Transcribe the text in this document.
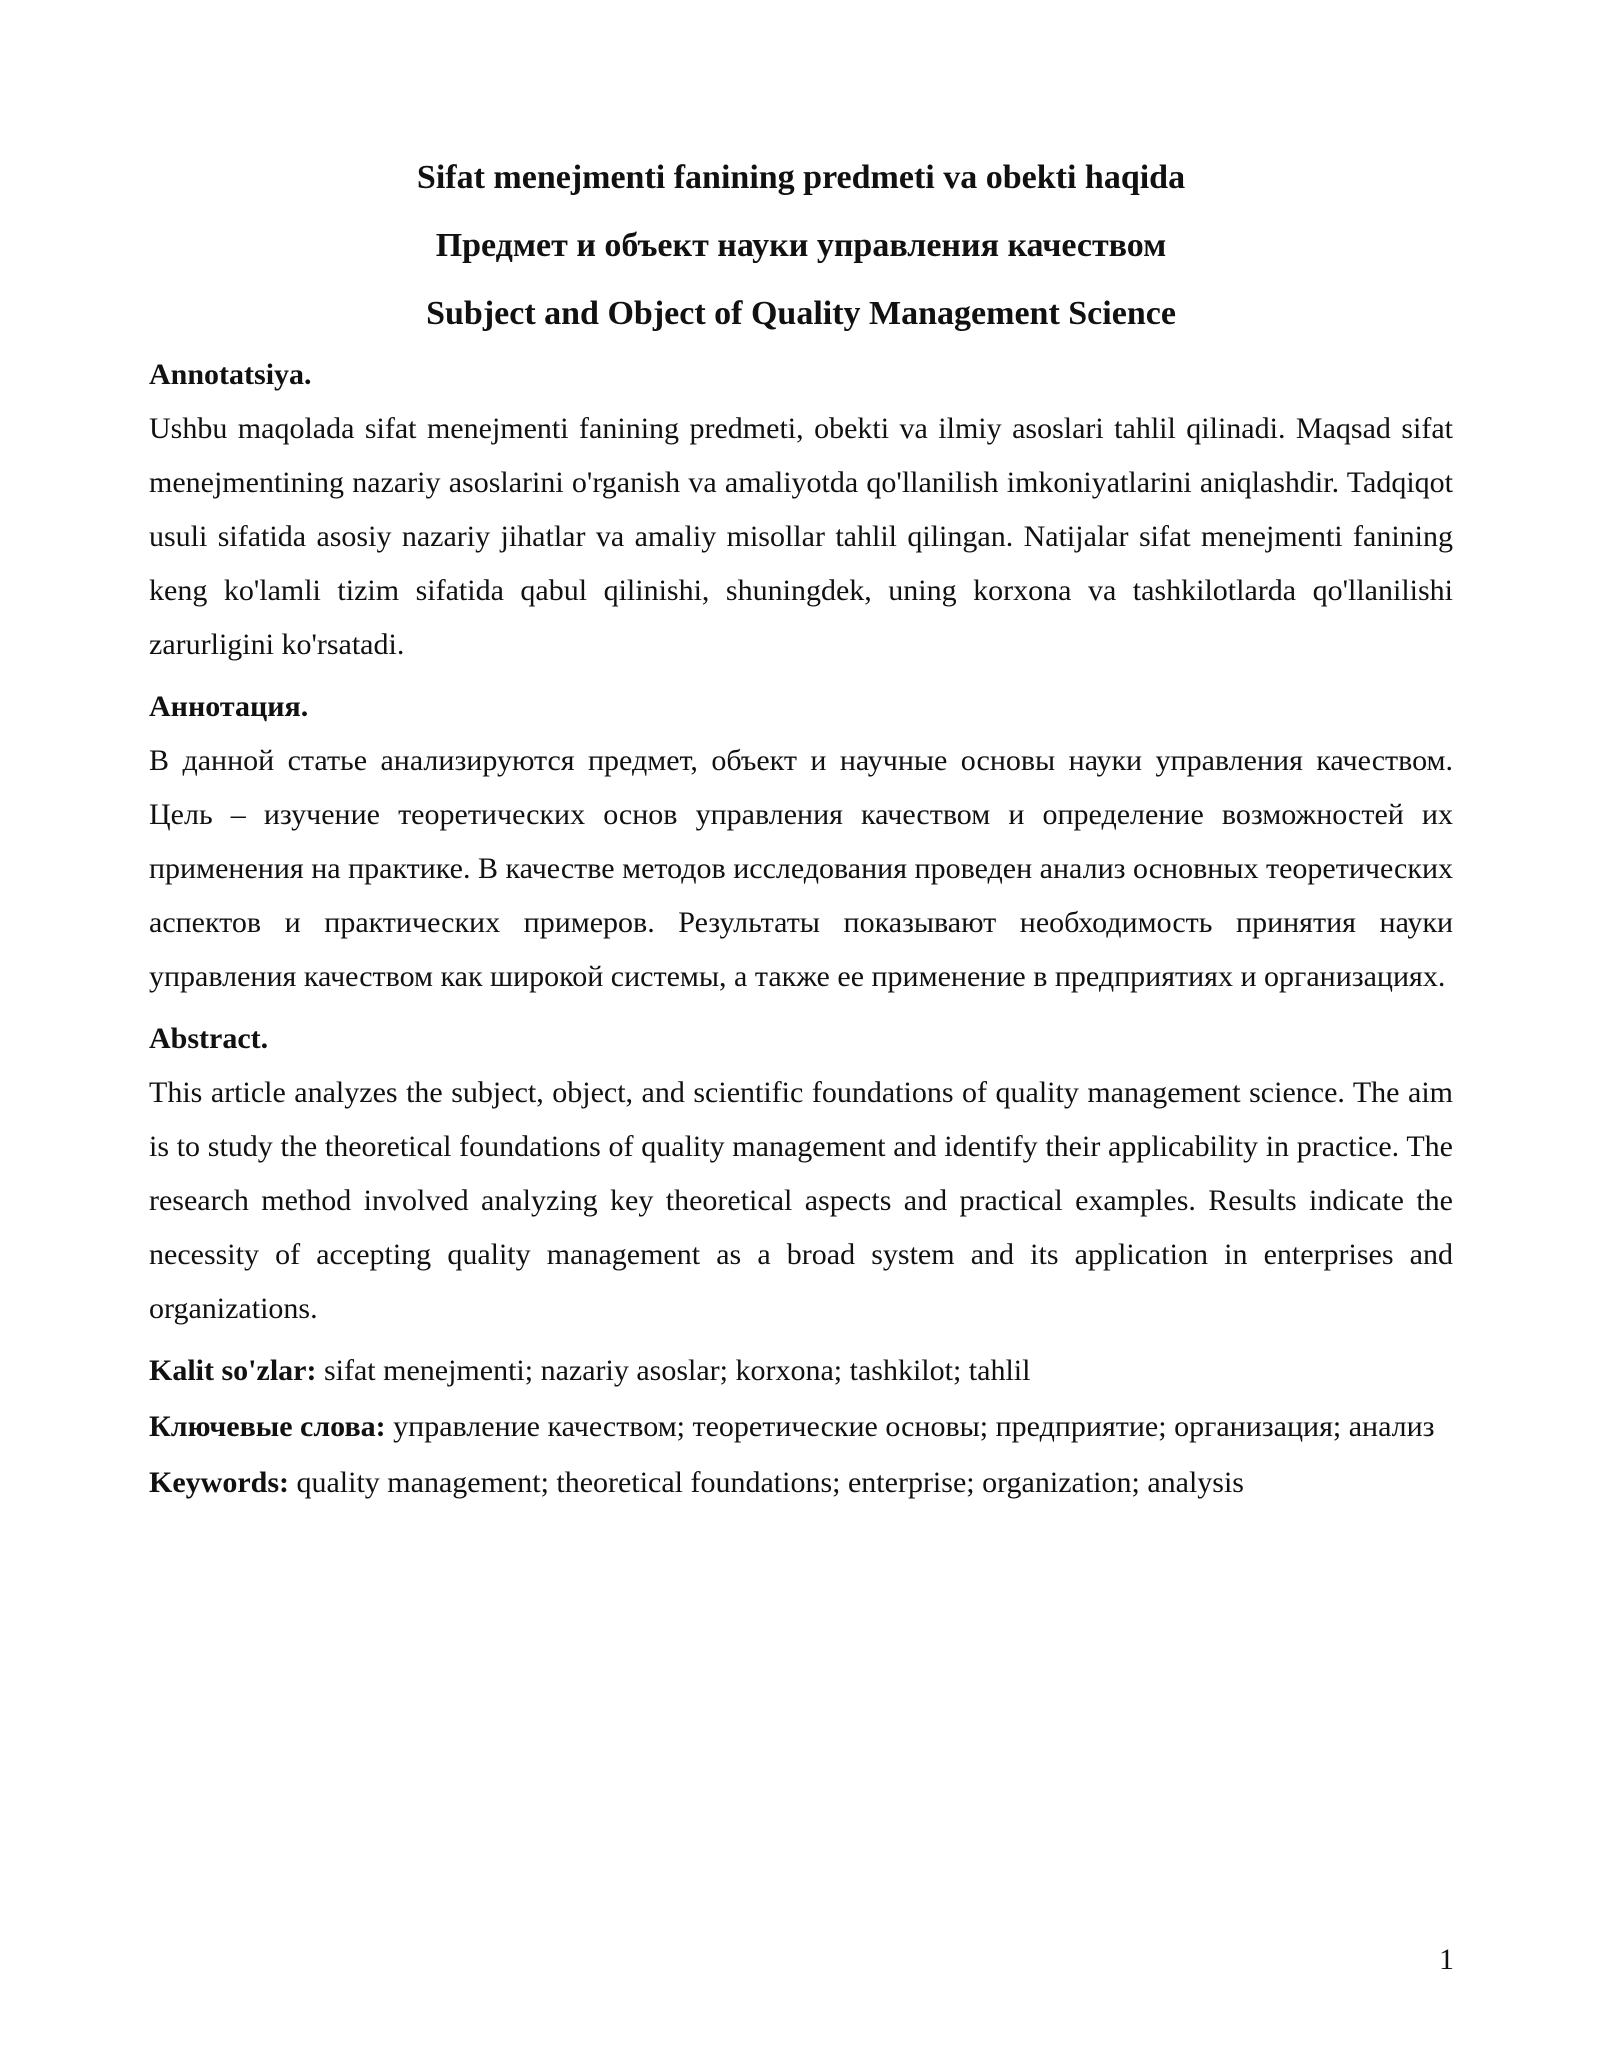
Sifat menejmenti fanining predmeti va obekti haqida
Предмет и объект науки управления качеством
Subject and Object of Quality Management Science
Annotatsiya.

Ushbu maqolada sifat menejmenti fanining predmeti, obekti va ilmiy asoslari tahlil qilinadi. Maqsad sifat menejmentining nazariy asoslarini o'rganish va amaliyotda qo'llanilish imkoniyatlarini aniqlashdir. Tadqiqot usuli sifatida asosiy nazariy jihatlar va amaliy misollar tahlil qilingan. Natijalar sifat menejmenti fanining keng ko'lamli tizim sifatida qabul qilinishi, shuningdek, uning korxona va tashkilotlarda qo'llanilishi zarurligini ko'rsatadi.

Аннотация.

В данной статье анализируются предмет, объект и научные основы науки управления качеством. Цель – изучение теоретических основ управления качеством и определение возможностей их применения на практике. В качестве методов исследования проведен анализ основных теоретических аспектов и практических примеров. Результаты показывают необходимость принятия науки управления качеством как широкой системы, а также ее применение в предприятиях и организациях.

Abstract.

This article analyzes the subject, object, and scientific foundations of quality management science. The aim is to study the theoretical foundations of quality management and identify their applicability in practice. The research method involved analyzing key theoretical aspects and practical examples. Results indicate the necessity of accepting quality management as a broad system and its application in enterprises and organizations.

Kalit so'zlar: sifat menejmenti; nazariy asoslar; korxona; tashkilot; tahlil

Ключевые слова: управление качеством; теоретические основы; предприятие; организация; анализ

Keywords: quality management; theoretical foundations; enterprise; organization; analysis

1
